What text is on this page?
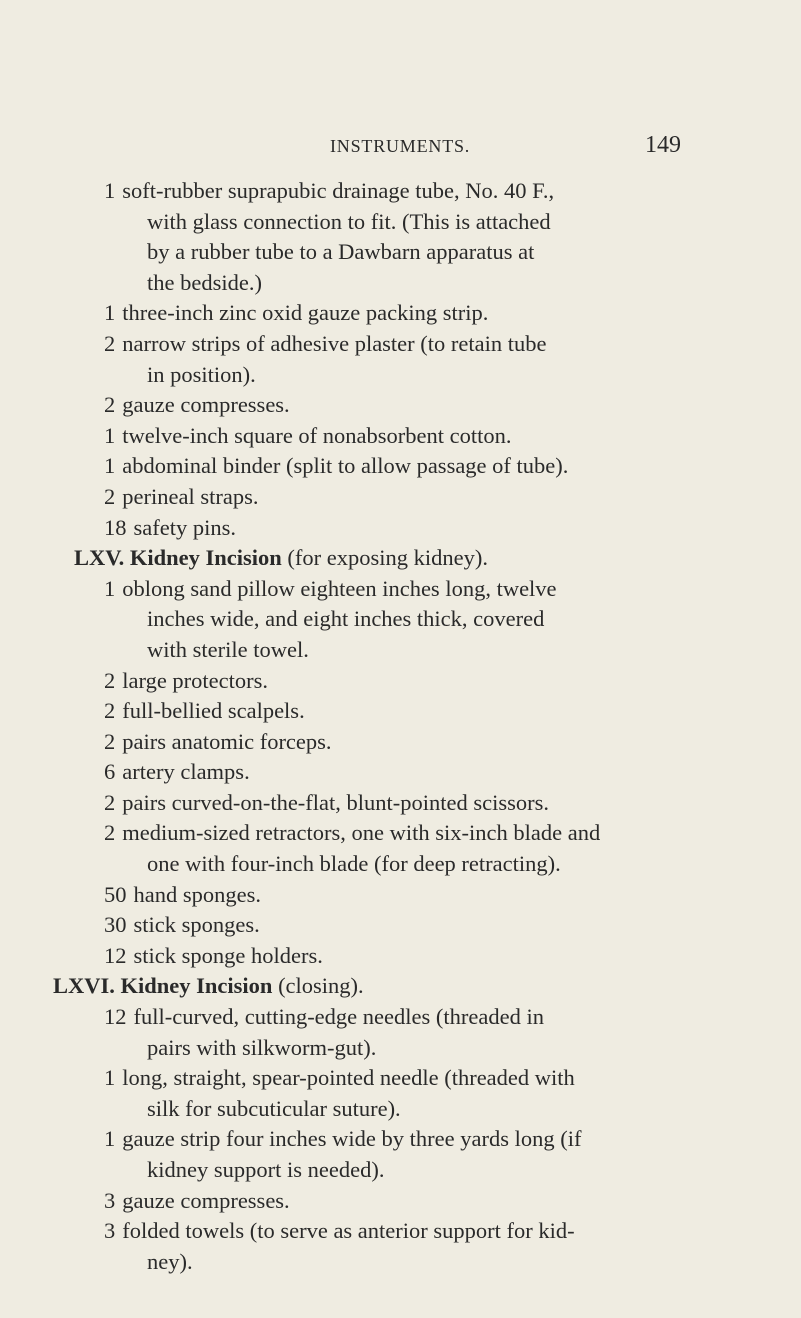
INSTRUMENTS.	149
1 soft-rubber suprapubic drainage tube, No. 40 F.,
with glass connection to fit. (This is attached
by a rubber tube to a Dawbarn apparatus at
the bedside.)
1 three-inch zinc oxid gauze packing strip.
2 narrow strips of adhesive plaster (to retain tube
in position).
2 gauze compresses.
1 twelve-inch square of nonabsorbent cotton.
1 abdominal binder (split to allow passage of tube).
2 perineal straps.
18 safety pins.
LXV. Kidney Incision (for exposing kidney).
1 oblong sand pillow eighteen inches long, twelve
inches wide, and eight inches thick, covered
with sterile towel.
2 large protectors.
2 full-bellied scalpels.
2 pairs anatomic forceps.
6 artery clamps.
2 pairs curved-on-the-flat, blunt-pointed scissors.
2 medium-sized retractors, one with six-inch blade and
one with four-inch blade (for deep retracting).
50 hand sponges.
30 stick sponges.
12 stick sponge holders.
LXVI. Kidney Incision (closing).
12 full-curved, cutting-edge needles (threaded in
pairs with silkworm-gut).
1 long, straight, spear-pointed needle (threaded with
silk for subcuticular suture).
1 gauze strip four inches wide by three yards long (if
kidney support is needed).
3 gauze compresses.
3 folded towels (to serve as anterior support for kid-
ney).
